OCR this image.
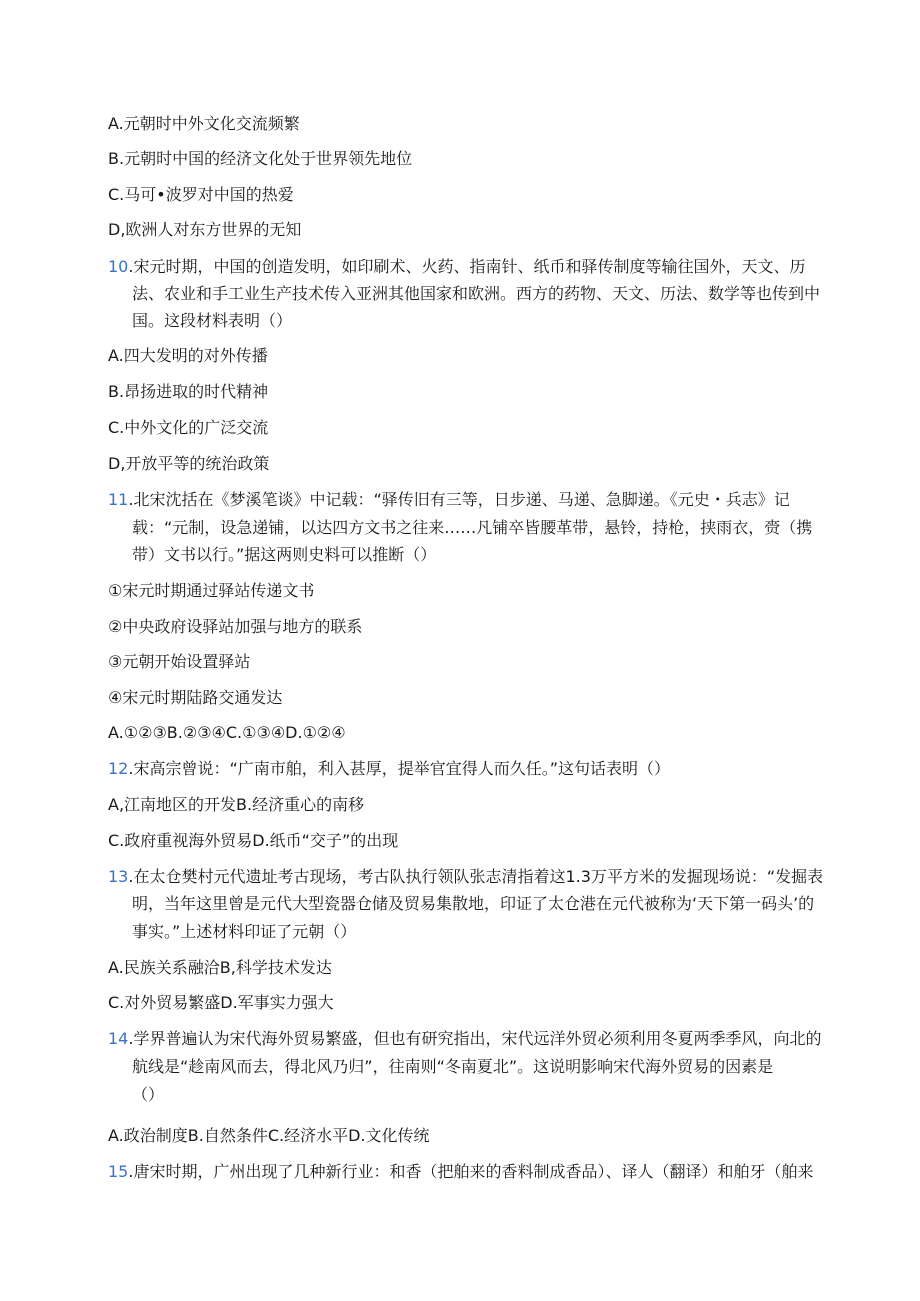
A.元朝时中外文化交流频繁
B.元朝时中国的经济文化处于世界领先地位
C.马可•波罗对中国的热爱
D,欧洲人对东方世界的无知
10.宋元时期，中国的创造发明，如印刷术、火药、指南针、纸币和驿传制度等输往国外，天文、历
法、农业和手工业生产技术传入亚洲其他国家和欧洲。西方的药物、天文、历法、数学等也传到中
国。这段材料表明（）
A.四大发明的对外传播
B.昂扬进取的时代精神
C.中外文化的广泛交流
D,开放平等的统治政策
11.北宋沈括在《梦溪笔谈》中记载：“驿传旧有三等，日步递、马递、急脚递。《元史・兵志》记
载：“元制，设急递铺，以达四方文书之往来……凡铺卒皆腰革带，悬铃，持枪，挟雨衣，赍（携
带）文书以行。”据这两则史料可以推断（）
①宋元时期通过驿站传递文书
②中央政府设驿站加强与地方的联系
③元朝开始设置驿站
④宋元时期陆路交通发达
A.①②③B.②③④C.①③④D.①②④
12.宋高宗曾说：“广南市舶，利入甚厚，提举官宜得人而久任。”这句话表明（）
A,江南地区的开发B.经济重心的南移
C.政府重视海外贸易D.纸币“交子”的出现
13.在太仓樊村元代遗址考古现场，考古队执行领队张志清指着这1.3万平方米的发掘现场说：“发掘表
明，当年这里曾是元代大型瓷器仓储及贸易集散地，印证了太仓港在元代被称为‘天下第一码头’的
事实。”上述材料印证了元朝（）
A.民族关系融洽B,科学技术发达
C.对外贸易繁盛D.军事实力强大
14.学界普遍认为宋代海外贸易繁盛，但也有研究指出，宋代远洋外贸必须利用冬夏两季季风，向北的
航线是“趁南风而去，得北风乃归”，往南则“冬南夏北”。这说明影响宋代海外贸易的因素是
（）
A.政治制度B.自然条件C.经济水平D.文化传统
15.唐宋时期，广州出现了几种新行业：和香（把舶来的香料制成香品）、译人（翻译）和舶牙（舶来
